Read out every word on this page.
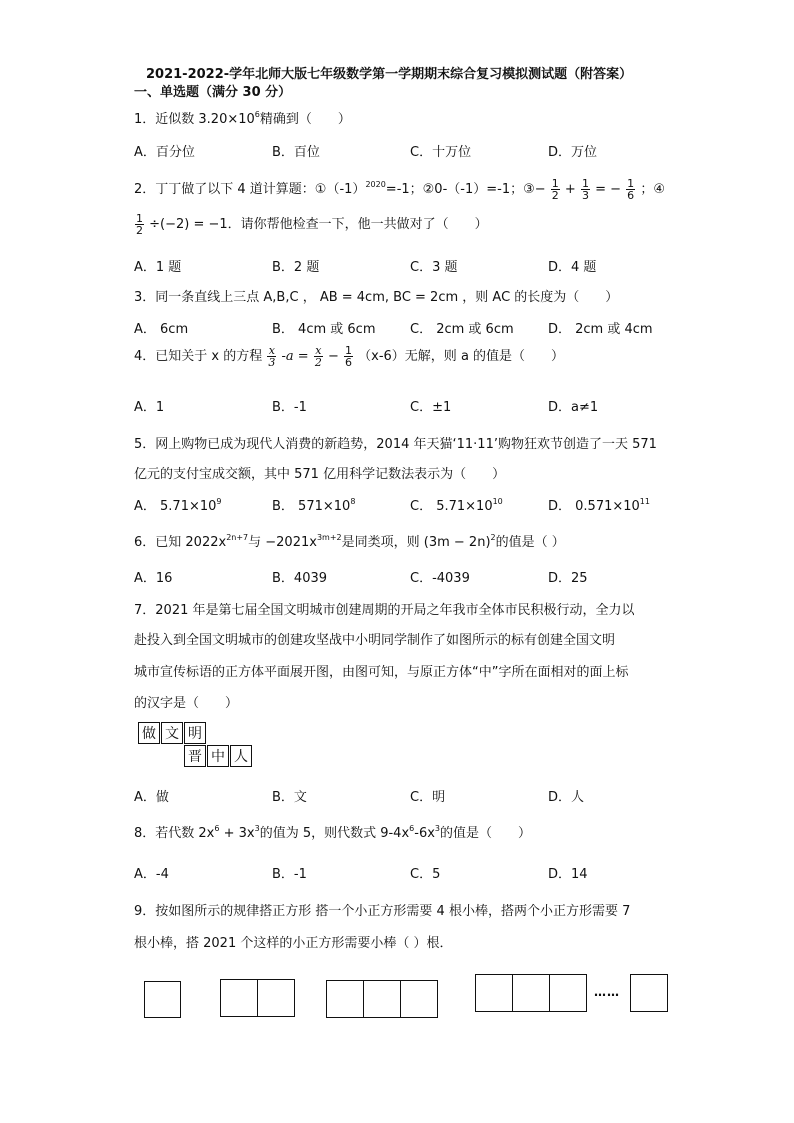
2021-2022-学年北师大版七年级数学第一学期期末综合复习模拟测试题（附答案）
一、单选题（满分 30 分）
1．近似数 $3.20\times 10^6$精确到（　　）
A．百分位	B．百位	C．十万位	D．万位
2．丁丁做了以下 4 道计算题：$①(-1)^{2020}=-1$；②0-（-1）=-1；③− $\frac{1}{2} + \frac{1}{3}$ = − $\frac{1}{6}$ ；④
$\frac{1}{2} \div(-2) = -1$．请你帮他检查一下，他一共做对了（　　）
A．1 题	B．2 题	C．3 题	D．4 题
3．同一条直线上三点 A,B,C ， AB = 4cm, BC = 2cm ，则 AC 的长度为（　　）
A． 6cm	B． 4cm 或 6cm	C． 2cm 或 6cm	D． 2cm 或 4cm
4．已知关于 x 的方程 $\frac{x}{3} -a = \frac{x}{2} - \frac{1}{6} (x-6)$无解，则 a 的值是（　　）
A．1	B．-1	C．±1	D．a≠1
5．网上购物已成为现代人消费的新趋势，2014 年天猫‘11·11’购物狂欢节创造了一天 571
亿元的支付宝成交额，其中 571 亿用科学记数法表示为（　　）
A． $5.71\times 10^9$	B． $571\times 10^8$	C． $5.71\times 10^{10}$	D． $0.571\times 10^{11}$
6．已知 $2022x^{2n+7}$与 $-2021x^{3m+2}$是同类项，则 $(3m - 2n)^2$的值是（ ）
A．16	B．4039	C．-4039	D．25
7．2021 年是第七届全国文明城市创建周期的开局之年我市全体市民积极行动，全力以
赴投入到全国文明城市的创建攻坚战中小明同学制作了如图所示的标有创建全国文明
城市宣传标语的正方体平面展开图，由图可知，与原正方体“中”字所在面相对的面上标
的汉字是（　　）
做 文 明
晋 中 人
A．做	B．文	C．明	D．人
8．若代数 $2x^6 + 3x^3$的值为 5，则代数式 $9-4x^6-6x^3$的值是（　　）
A．-4	B．-1	C．5	D．14
9．按如图所示的规律搭正方形 搭一个小正方形需要 4 根小棒，搭两个小正方形需要 7
根小棒，搭 2021 个这样的小正方形需要小棒（ ）根．
……
